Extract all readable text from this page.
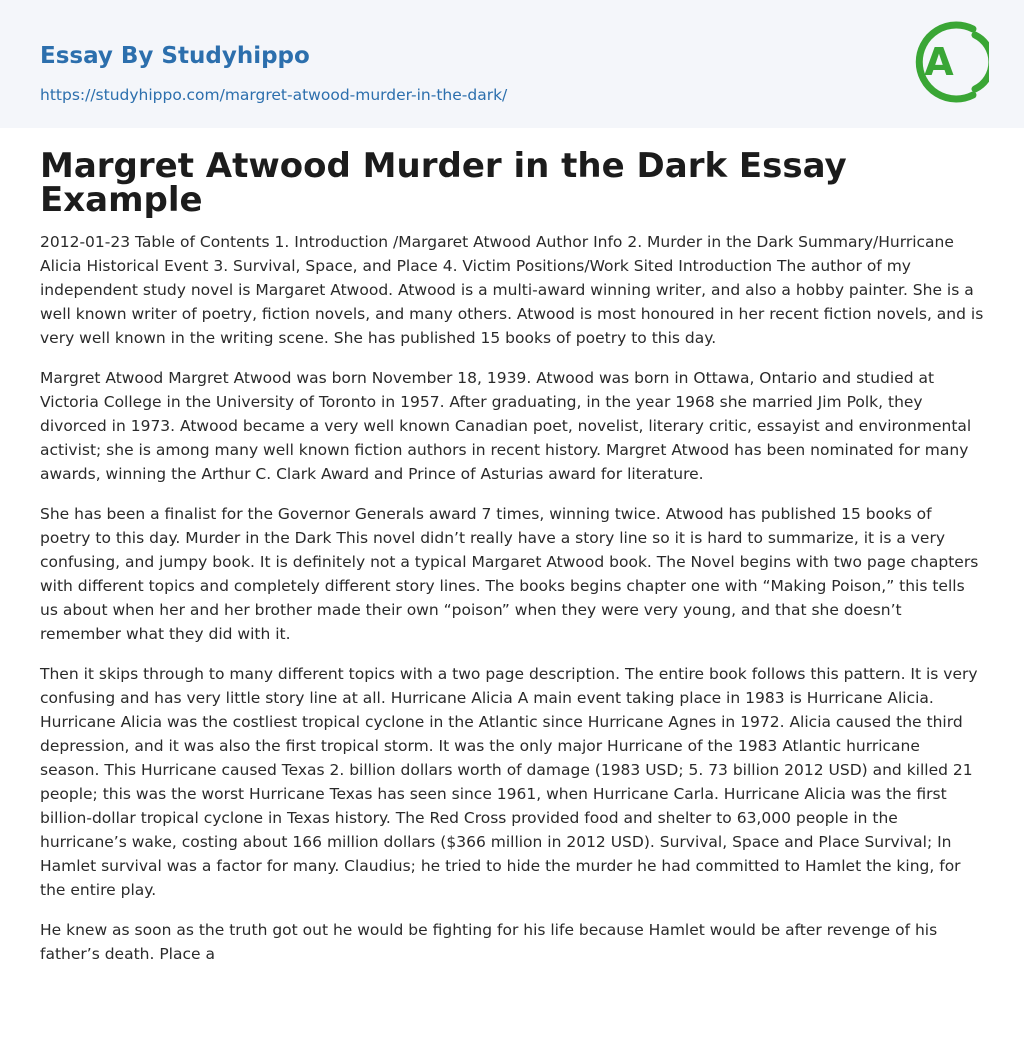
Essay By Studyhippo
https://studyhippo.com/margret-atwood-murder-in-the-dark/
A
Margret Atwood Murder in the Dark Essay Example

2012-01-23 Table of Contents 1. Introduction /Margaret Atwood Author Info 2. Murder in the Dark Summary/Hurricane Alicia Historical Event 3. Survival, Space, and Place 4. Victim Positions/Work Sited Introduction The author of my independent study novel is Margaret Atwood. Atwood is a multi-award winning writer, and also a hobby painter. She is a well known writer of poetry, fiction novels, and many others. Atwood is most honoured in her recent fiction novels, and is very well known in the writing scene. She has published 15 books of poetry to this day.

Margret Atwood Margret Atwood was born November 18, 1939. Atwood was born in Ottawa, Ontario and studied at Victoria College in the University of Toronto in 1957. After graduating, in the year 1968 she married Jim Polk, they divorced in 1973. Atwood became a very well known Canadian poet, novelist, literary critic, essayist and environmental activist; she is among many well known fiction authors in recent history. Margret Atwood has been nominated for many awards, winning the Arthur C. Clark Award and Prince of Asturias award for literature.

She has been a finalist for the Governor Generals award 7 times, winning twice. Atwood has published 15 books of poetry to this day. Murder in the Dark This novel didn’t really have a story line so it is hard to summarize, it is a very confusing, and jumpy book. It is definitely not a typical Margaret Atwood book. The Novel begins with two page chapters with different topics and completely different story lines. The books begins chapter one with “Making Poison,” this tells us about when her and her brother made their own “poison” when they were very young, and that she doesn’t remember what they did with it.

Then it skips through to many different topics with a two page description. The entire book follows this pattern. It is very confusing and has very little story line at all. Hurricane Alicia A main event taking place in 1983 is Hurricane Alicia. Hurricane Alicia was the costliest tropical cyclone in the Atlantic since Hurricane Agnes in 1972. Alicia caused the third depression, and it was also the first tropical storm. It was the only major Hurricane of the 1983 Atlantic hurricane season. This Hurricane caused Texas 2. billion dollars worth of damage (1983 USD; 5. 73 billion 2012 USD) and killed 21 people; this was the worst Hurricane Texas has seen since 1961, when Hurricane Carla. Hurricane Alicia was the first billion-dollar tropical cyclone in Texas history. The Red Cross provided food and shelter to 63,000 people in the hurricane’s wake, costing about 166 million dollars ($366 million in 2012 USD). Survival, Space and Place Survival; In Hamlet survival was a factor for many. Claudius; he tried to hide the murder he had committed to Hamlet the king, for the entire play.

He knew as soon as the truth got out he would be fighting for his life because Hamlet would be after revenge of his father’s death. Place a
